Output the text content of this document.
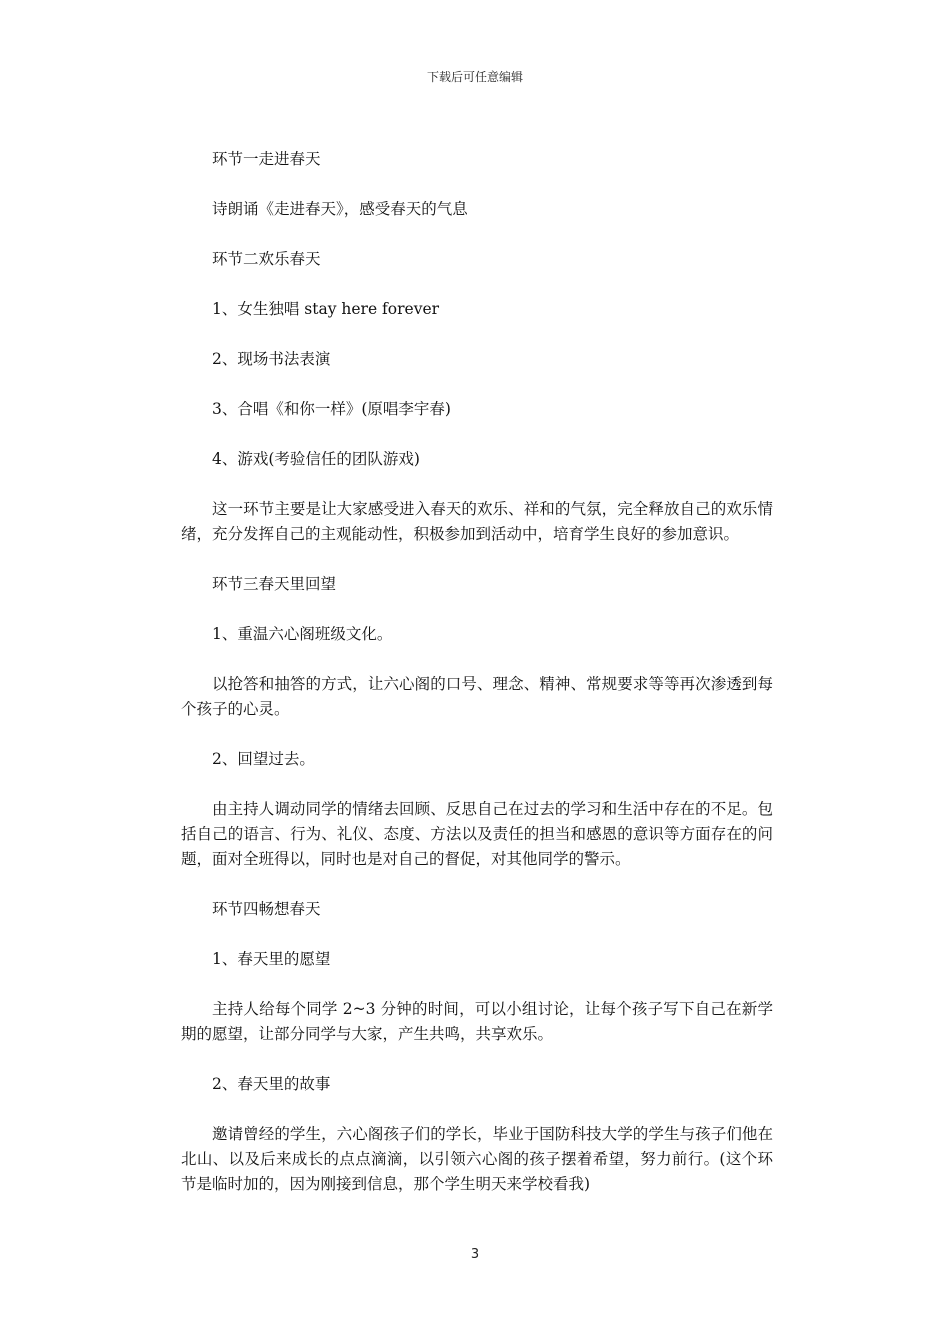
下载后可任意编辑

环节一走进春天

诗朗诵《走进春天》，感受春天的气息

环节二欢乐春天

1、女生独唱 stay here forever

2、现场书法表演

3、合唱《和你一样》(原唱李宇春)

4、游戏(考验信任的团队游戏)

这一环节主要是让大家感受进入春天的欢乐、祥和的气氛，完全释放自己的欢乐情绪，充分发挥自己的主观能动性，积极参加到活动中，培育学生良好的参加意识。

环节三春天里回望

1、重温六心阁班级文化。

以抢答和抽答的方式，让六心阁的口号、理念、精神、常规要求等等再次渗透到每个孩子的心灵。

2、回望过去。

由主持人调动同学的情绪去回顾、反思自己在过去的学习和生活中存在的不足。包括自己的语言、行为、礼仪、态度、方法以及责任的担当和感恩的意识等方面存在的问题，面对全班得以，同时也是对自己的督促，对其他同学的警示。

环节四畅想春天

1、春天里的愿望

主持人给每个同学 2~3 分钟的时间，可以小组讨论，让每个孩子写下自己在新学期的愿望，让部分同学与大家，产生共鸣，共享欢乐。

2、春天里的故事

邀请曾经的学生，六心阁孩子们的学长，毕业于国防科技大学的学生与孩子们他在北山、以及后来成长的点点滴滴，以引领六心阁的孩子摆着希望，努力前行。(这个环节是临时加的，因为刚接到信息，那个学生明天来学校看我)

3
